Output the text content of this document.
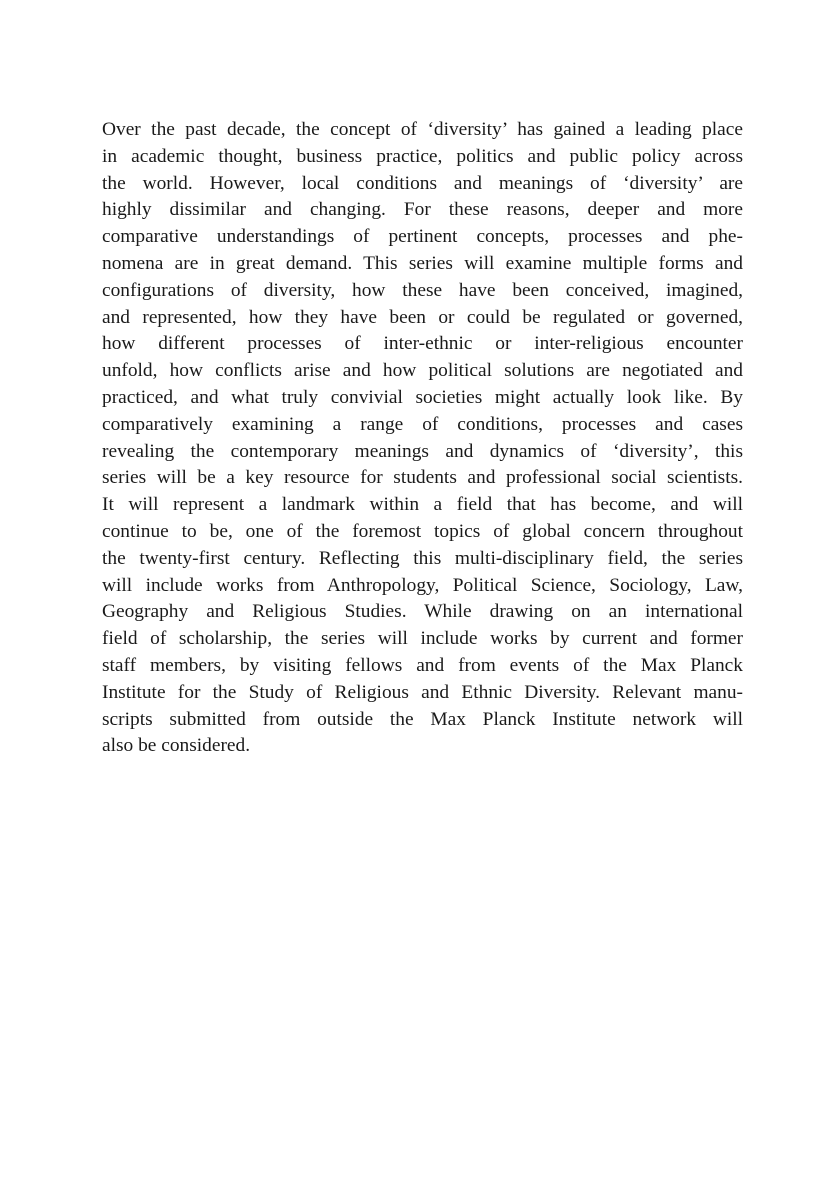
Over the past decade, the concept of ‘diversity’ has gained a leading place
in academic thought, business practice, politics and public policy across
the world. However, local conditions and meanings of ‘diversity’ are
highly dissimilar and changing. For these reasons, deeper and more
comparative understandings of pertinent concepts, processes and phe-
nomena are in great demand. This series will examine multiple forms and
configurations of diversity, how these have been conceived, imagined,
and represented, how they have been or could be regulated or governed,
how different processes of inter-ethnic or inter-religious encounter
unfold, how conflicts arise and how political solutions are negotiated and
practiced, and what truly convivial societies might actually look like. By
comparatively examining a range of conditions, processes and cases
revealing the contemporary meanings and dynamics of ‘diversity’, this
series will be a key resource for students and professional social scientists.
It will represent a landmark within a field that has become, and will
continue to be, one of the foremost topics of global concern throughout
the twenty-first century. Reflecting this multi-disciplinary field, the series
will include works from Anthropology, Political Science, Sociology, Law,
Geography and Religious Studies. While drawing on an international
field of scholarship, the series will include works by current and former
staff members, by visiting fellows and from events of the Max Planck
Institute for the Study of Religious and Ethnic Diversity. Relevant manu-
scripts submitted from outside the Max Planck Institute network will
also be considered.
